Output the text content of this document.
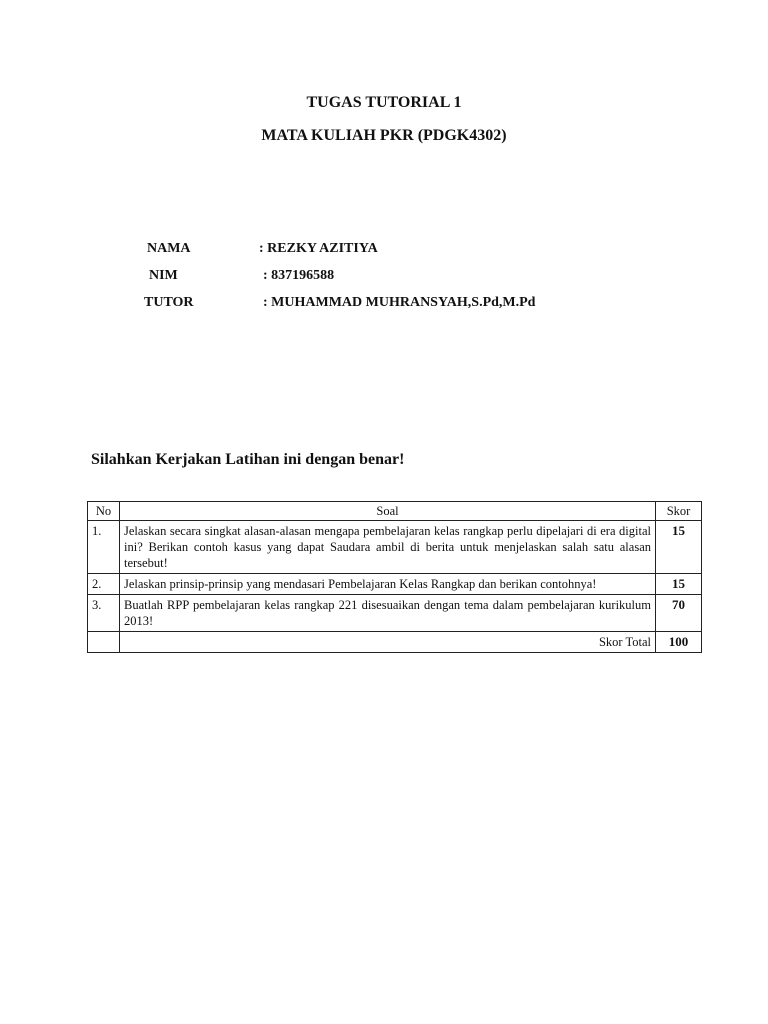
TUGAS TUTORIAL 1
MATA KULIAH PKR (PDGK4302)
NAMA	: REZKY AZITIYA
NIM	: 837196588
TUTOR	: MUHAMMAD MUHRANSYAH,S.Pd,M.Pd
Silahkan Kerjakan Latihan ini dengan benar!
No	Soal	Skor
1.	Jelaskan secara singkat alasan-alasan mengapa pembelajaran kelas rangkap perlu dipelajari di era digital ini? Berikan contoh kasus yang dapat Saudara ambil di berita untuk menjelaskan salah satu alasan tersebut!	15
2.	Jelaskan prinsip-prinsip yang mendasari Pembelajaran Kelas Rangkap dan berikan contohnya!	15
3.	Buatlah RPP pembelajaran kelas rangkap 221 disesuaikan dengan tema dalam pembelajaran kurikulum 2013!	70
	Skor Total	100
